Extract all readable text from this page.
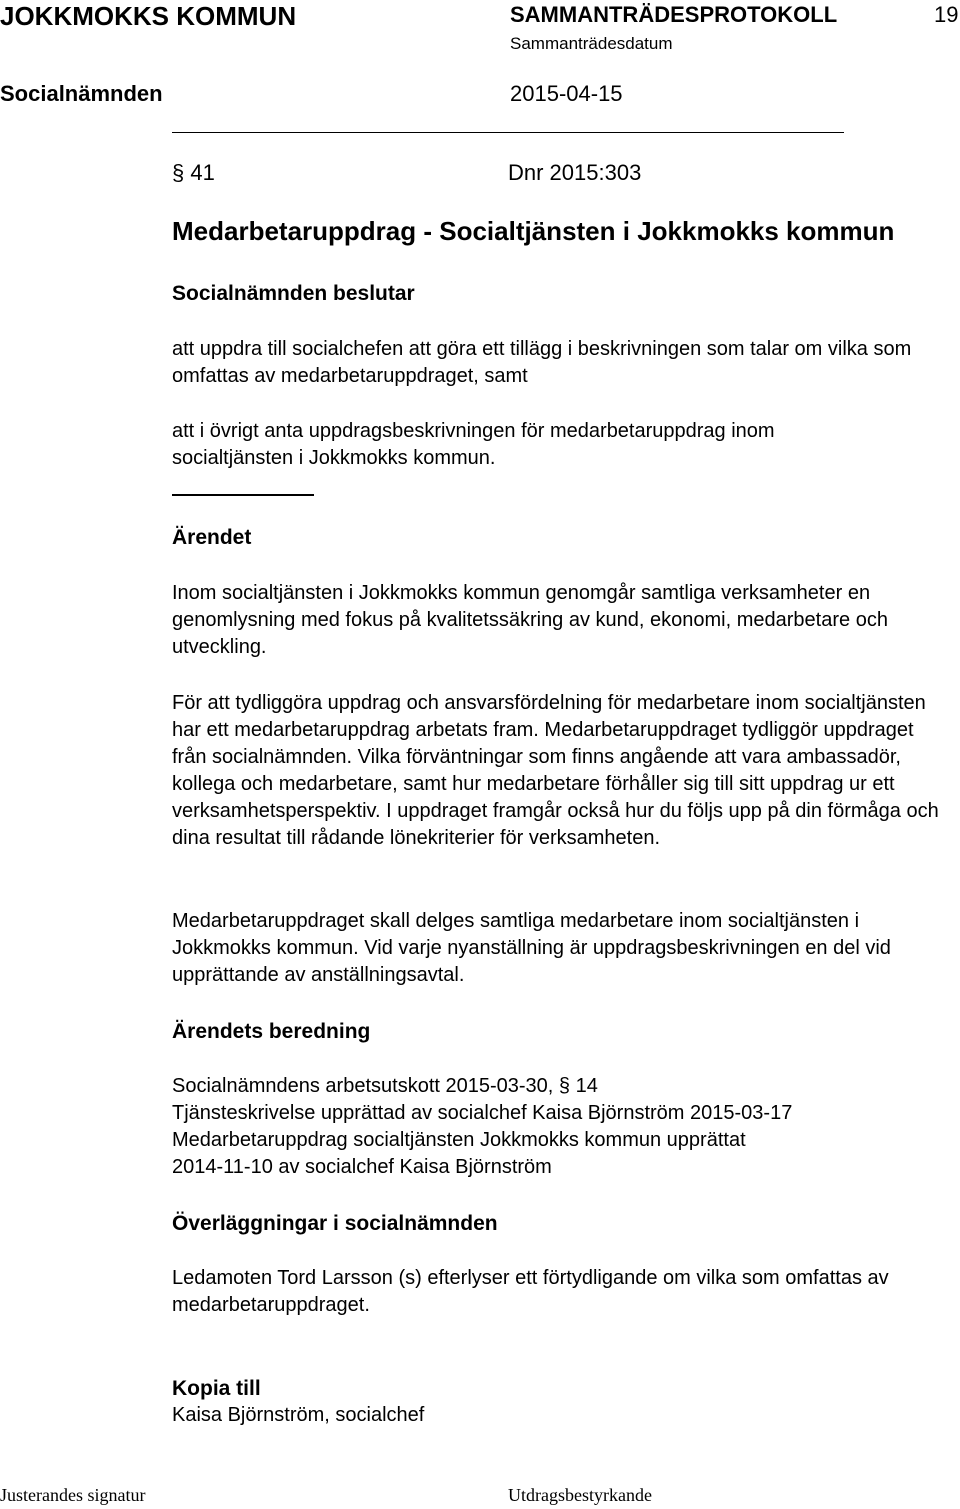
JOKKMOKKS KOMMUN	SAMMANTRÄDESPROTOKOLL	19
Sammanträdesdatum
Socialnämnden	2015-04-15
§ 41	Dnr 2015:303
Medarbetaruppdrag - Socialtjänsten i Jokkmokks kommun

Socialnämnden beslutar

att uppdra till socialchefen att göra ett tillägg i beskrivningen som talar om vilka som omfattas av medarbetaruppdraget, samt

att i övrigt anta uppdragsbeskrivningen för medarbetaruppdrag inom socialtjänsten i Jokkmokks kommun.

Ärendet

Inom socialtjänsten i Jokkmokks kommun genomgår samtliga verksamheter en genomlysning med fokus på kvalitetssäkring av kund, ekonomi, medarbetare och utveckling.

För att tydliggöra uppdrag och ansvarsfördelning för medarbetare inom socialtjänsten har ett medarbetaruppdrag arbetats fram. Medarbetaruppdraget tydliggör uppdraget från socialnämnden. Vilka förväntningar som finns angående att vara ambassadör, kollega och medarbetare, samt hur medarbetare förhåller sig till sitt uppdrag ur ett verksamhetsperspektiv. I uppdraget framgår också hur du följs upp på din förmåga och dina resultat till rådande lönekriterier för verksamheten.

Medarbetaruppdraget skall delges samtliga medarbetare inom socialtjänsten i Jokkmokks kommun. Vid varje nyanställning är uppdragsbeskrivningen en del vid upprättande av anställningsavtal.

Ärendets beredning

Socialnämndens arbetsutskott 2015-03-30, § 14

Tjänsteskrivelse upprättad av socialchef Kaisa Björnström 2015-03-17

Medarbetaruppdrag socialtjänsten Jokkmokks kommun upprättat

2014-11-10 av socialchef Kaisa Björnström

Överläggningar i socialnämnden

Ledamoten Tord Larsson (s) efterlyser ett förtydligande om vilka som omfattas av medarbetaruppdraget.

Kopia till

Kaisa Björnström, socialchef

Justerandes signatur	Utdragsbestyrkande
